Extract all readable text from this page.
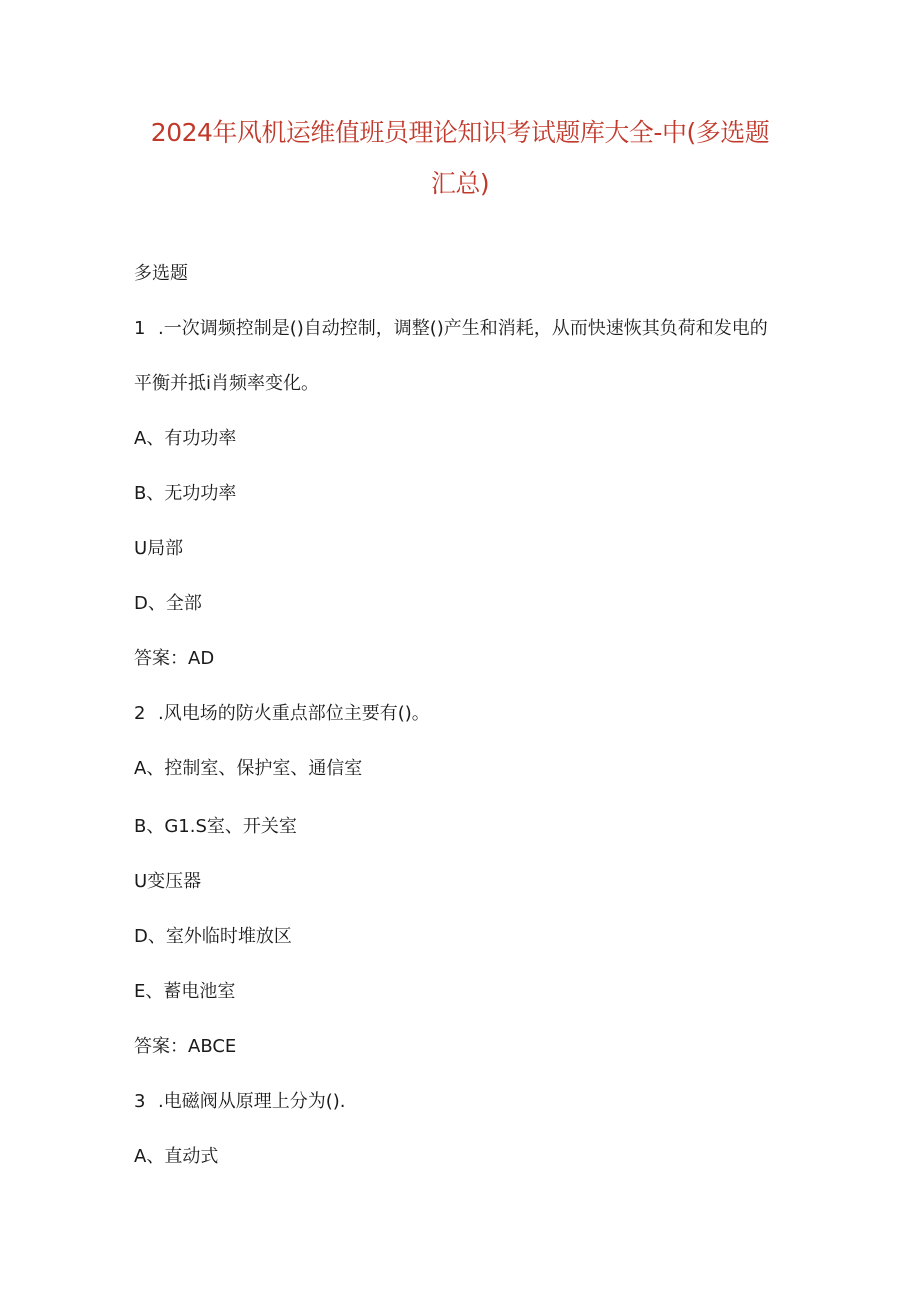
2024年风机运维值班员理论知识考试题库大全-中(多选题
汇总)

多选题

1 .一次调频控制是()自动控制，调整()产生和消耗，从而快速恢其负荷和发电的

平衡并抵i肖频率变化。

A、有功功率

B、无功功率

U局部

D、全部

答案：AD

2 .风电场的防火重点部位主要有()。

A、控制室、保护室、通信室

B、G1.S室、开关室

U变压器

D、室外临时堆放区

E、蓄电池室

答案：ABCE

3 .电磁阀从原理上分为().

A、直动式
